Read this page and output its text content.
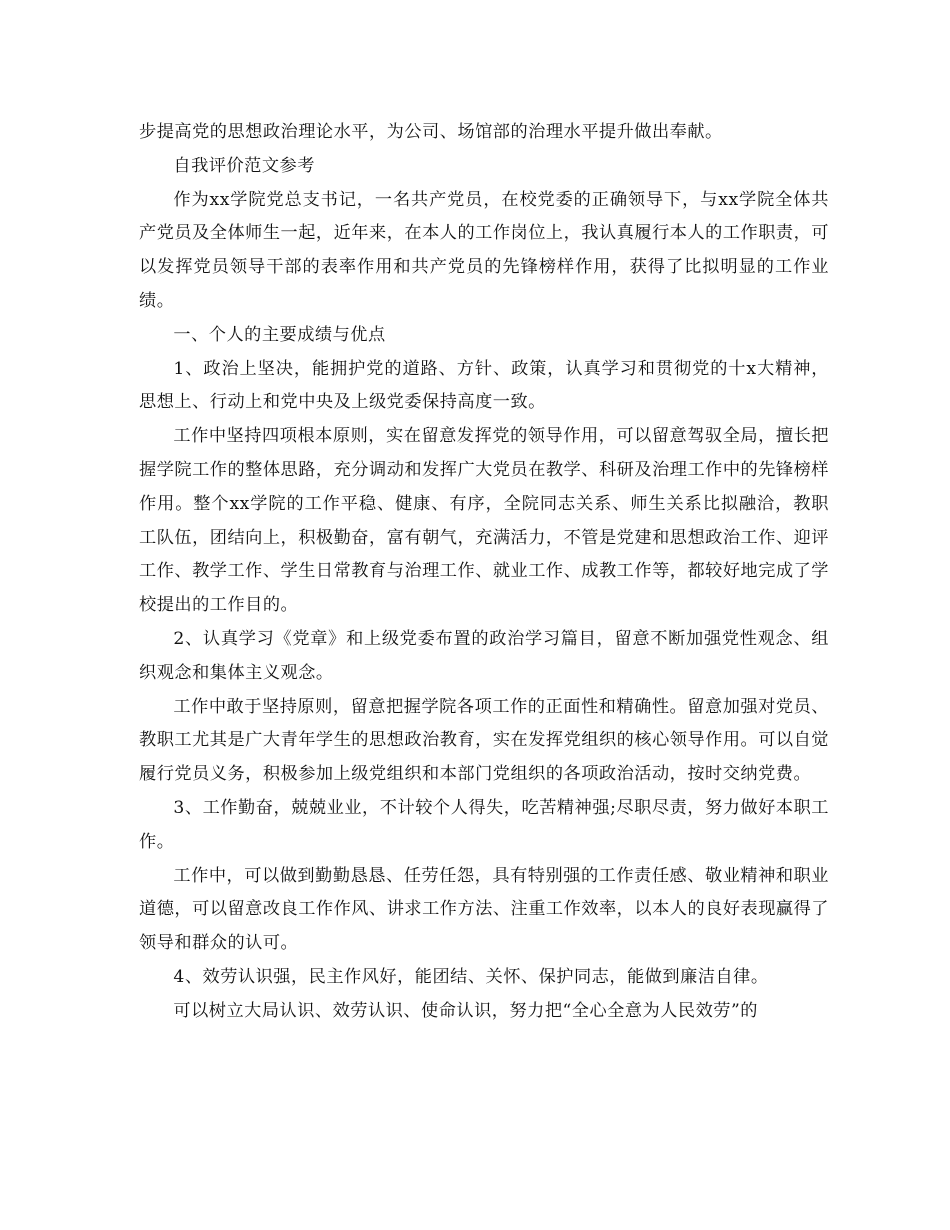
步提高党的思想政治理论水平，为公司、场馆部的治理水平提升做出奉献。

自我评价范文参考

作为xx学院党总支书记，一名共产党员，在校党委的正确领导下，与xx学院全体共产党员及全体师生一起，近年来，在本人的工作岗位上，我认真履行本人的工作职责，可以发挥党员领导干部的表率作用和共产党员的先锋榜样作用，获得了比拟明显的工作业绩。

一、个人的主要成绩与优点

1、政治上坚决，能拥护党的道路、方针、政策，认真学习和贯彻党的十x大精神，思想上、行动上和党中央及上级党委保持高度一致。

工作中坚持四项根本原则，实在留意发挥党的领导作用，可以留意驾驭全局，擅长把握学院工作的整体思路，充分调动和发挥广大党员在教学、科研及治理工作中的先锋榜样作用。整个xx学院的工作平稳、健康、有序，全院同志关系、师生关系比拟融洽，教职工队伍，团结向上，积极勤奋，富有朝气，充满活力，不管是党建和思想政治工作、迎评工作、教学工作、学生日常教育与治理工作、就业工作、成教工作等，都较好地完成了学校提出的工作目的。

2、认真学习《党章》和上级党委布置的政治学习篇目，留意不断加强党性观念、组织观念和集体主义观念。

工作中敢于坚持原则，留意把握学院各项工作的正面性和精确性。留意加强对党员、教职工尤其是广大青年学生的思想政治教育，实在发挥党组织的核心领导作用。可以自觉履行党员义务，积极参加上级党组织和本部门党组织的各项政治活动，按时交纳党费。

3、工作勤奋，兢兢业业，不计较个人得失，吃苦精神强;尽职尽责，努力做好本职工作。

工作中，可以做到勤勤恳恳、任劳任怨，具有特别强的工作责任感、敬业精神和职业道德，可以留意改良工作作风、讲求工作方法、注重工作效率，以本人的良好表现赢得了领导和群众的认可。

4、效劳认识强，民主作风好，能团结、关怀、保护同志，能做到廉洁自律。

可以树立大局认识、效劳认识、使命认识，努力把“全心全意为人民效劳”的
